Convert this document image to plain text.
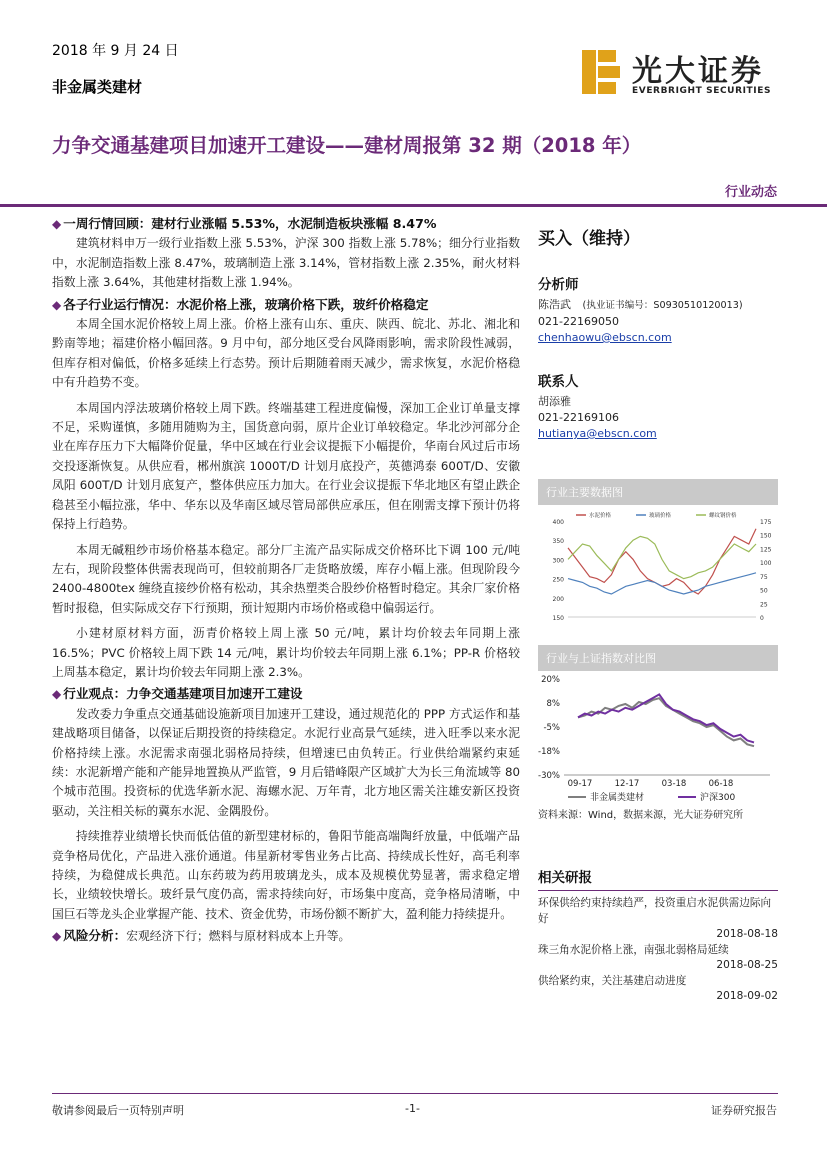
2018 年 9 月 24 日
非金属类建材	光大证券
EVERBRIGHT SECURITIES
力争交通基建项目加速开工建设——建材周报第 32 期（2018 年）
行业动态
◆ 一周行情回顾：建材行业涨幅 5.53%，水泥制造板块涨幅 8.47%

建筑材料申万一级行业指数上涨 5.53%，沪深 300 指数上涨 5.78%；细分行业指数中，水泥制造指数上涨 8.47%，玻璃制造上涨 3.14%，管材指数上涨 2.35%，耐火材料指数上涨 3.64%，其他建材指数上涨 1.94%。

◆ 各子行业运行情况：水泥价格上涨，玻璃价格下跌，玻纤价格稳定

本周全国水泥价格较上周上涨。价格上涨有山东、重庆、陕西、皖北、苏北、湘北和黔南等地；福建价格小幅回落。9 月中旬，部分地区受台风降雨影响，需求阶段性减弱，但库存相对偏低，价格多延续上行态势。预计后期随着雨天减少，需求恢复，水泥价格稳中有升趋势不变。

本周国内浮法玻璃价格较上周下跌。终端基建工程进度偏慢，深加工企业订单量支撑不足，采购谨慎，多随用随购为主，国货意向弱，原片企业订单较稳定。华北沙河部分企业在库存压力下大幅降价促量，华中区域在行业会议提振下小幅提价，华南台风过后市场交投逐渐恢复。从供应看，郴州旗滨 1000T/D 计划月底投产，英德鸿泰 600T/D、安徽凤阳 600T/D 计划月底复产，整体供应压力加大。在行业会议提振下华北地区有望止跌企稳甚至小幅拉涨，华中、华东以及华南区域尽管局部供应承压，但在刚需支撑下预计仍将保持上行趋势。

本周无碱粗纱市场价格基本稳定。部分厂主流产品实际成交价格环比下调 100 元/吨左右，现阶段整体供需表现尚可，但较前期各厂走货略放缓，库存小幅上涨。但现阶段今 2400-4800tex 缠绕直接纱价格有松动，其余热塑类合股纱价格暂时稳定。其余厂家价格暂时报稳，但实际成交存下行预期，预计短期内市场价格或稳中偏弱运行。

小建材原材料方面，沥青价格较上周上涨 50 元/吨，累计均价较去年同期上涨 16.5%；PVC 价格较上周下跌 14 元/吨，累计均价较去年同期上涨 6.1%；PP-R 价格较上周基本稳定，累计均价较去年同期上涨 2.3%。

◆ 行业观点：力争交通基建项目加速开工建设

发改委力争重点交通基础设施新项目加速开工建设，通过规范化的 PPP 方式运作和基建战略项目储备，以保证后期投资的持续稳定。水泥行业高景气延续，进入旺季以来水泥价格持续上涨。水泥需求南强北弱格局持续，但增速已由负转正。行业供给端紧约束延续：水泥新增产能和产能异地置换从严监管，9 月后错峰限产区域扩大为长三角流域等 80 个城市范围。投资标的优选华新水泥、海螺水泥、万年青，北方地区需关注雄安新区投资驱动，关注相关标的冀东水泥、金隅股份。

持续推荐业绩增长快而低估值的新型建材标的，鲁阳节能高端陶纤放量，中低端产品竞争格局优化，产品进入涨价通道。伟星新材零售业务占比高、持续成长性好，高毛利率持续，为稳健成长典范。山东药玻为药用玻璃龙头，成本及规模优势显著，需求稳定增长，业绩较快增长。玻纤景气度仍高，需求持续向好，市场集中度高，竞争格局清晰，中国巨石等龙头企业掌握产能、技术、资金优势，市场份额不断扩大，盈利能力持续提升。

◆ 风险分析：宏观经济下行；燃料与原材料成本上升等。
买入（维持）
分析师
陈浩武 (执业证书编号：S0930510120013)
021-22169050
chenhaowu@ebscn.com
联系人
胡添雅
021-22169106
hutianya@ebscn.com
行业主要数据图
400
350
300
250
200
150
175
150
125
100
75
50
25
0
水泥价格	玻璃价格	螺纹钢价格
行业与上证指数对比图
20%
8%
-5%
-18%
-30%
09-17	12-17	03-18	06-18
非金属类建材	沪深300
资料来源：Wind，数据来源，光大证券研究所
相关研报
环保供给约束持续趋严，投资重启水泥供需边际向好
2018-08-18
珠三角水泥价格上涨，南强北弱格局延续
2018-08-25
供给紧约束，关注基建启动进度
2018-09-02
敬请参阅最后一页特别声明	-1-	证券研究报告
